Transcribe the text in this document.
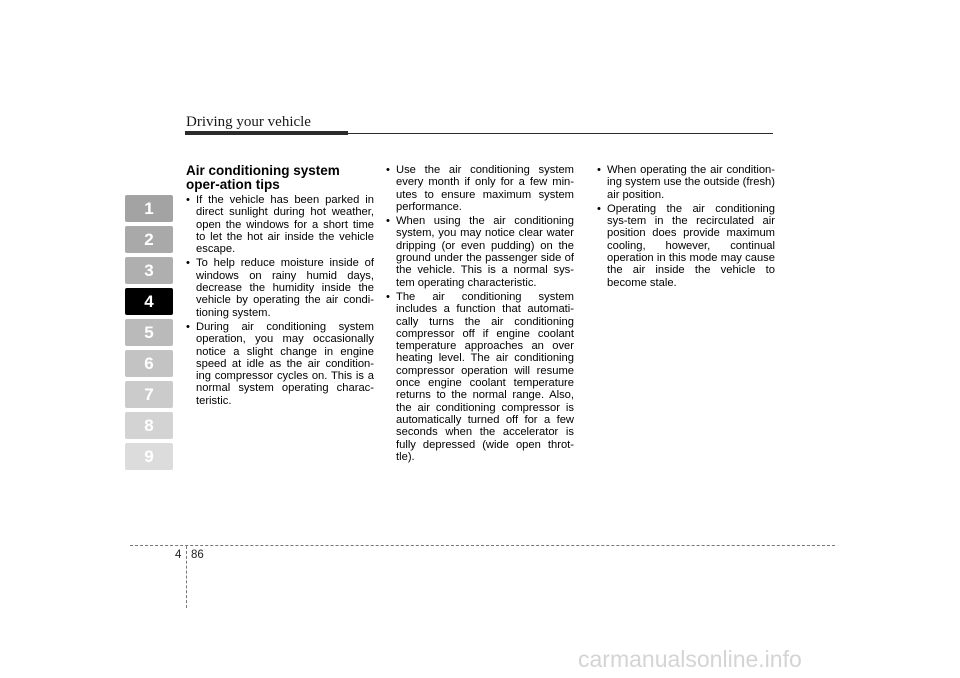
Driving your vehicle
1
2
3
4
5
6
7
8
9
Air conditioning system oper-ation tips
• If the vehicle has been parked in direct sunlight during hot weather, open the windows for a short time to let the hot air inside the vehicle escape.
• To help reduce moisture inside of windows on rainy humid days, decrease the humidity inside the vehicle by operating the air condi-tioning system.
• During air conditioning system operation, you may occasionally notice a slight change in engine speed at idle as the air condition-ing compressor cycles on. This is a normal system operating charac-teristic.
• Use the air conditioning system every month if only for a few min-utes to ensure maximum system performance.
• When using the air conditioning system, you may notice clear water dripping (or even pudding) on the ground under the passenger side of the vehicle. This is a normal sys-tem operating characteristic.
• The air conditioning system includes a function that automati-cally turns the air conditioning compressor off if engine coolant temperature approaches an over heating level. The air conditioning compressor operation will resume once engine coolant temperature returns to the normal range. Also, the air conditioning compressor is automatically turned off for a few seconds when the accelerator is fully depressed (wide open throt-tle).
• When operating the air condition-ing system use the outside (fresh) air position.
• Operating the air conditioning sys-tem in the recirculated air position does provide maximum cooling, however, continual operation in this mode may cause the air inside the vehicle to become stale.
4 86
carmanualsonline.info
